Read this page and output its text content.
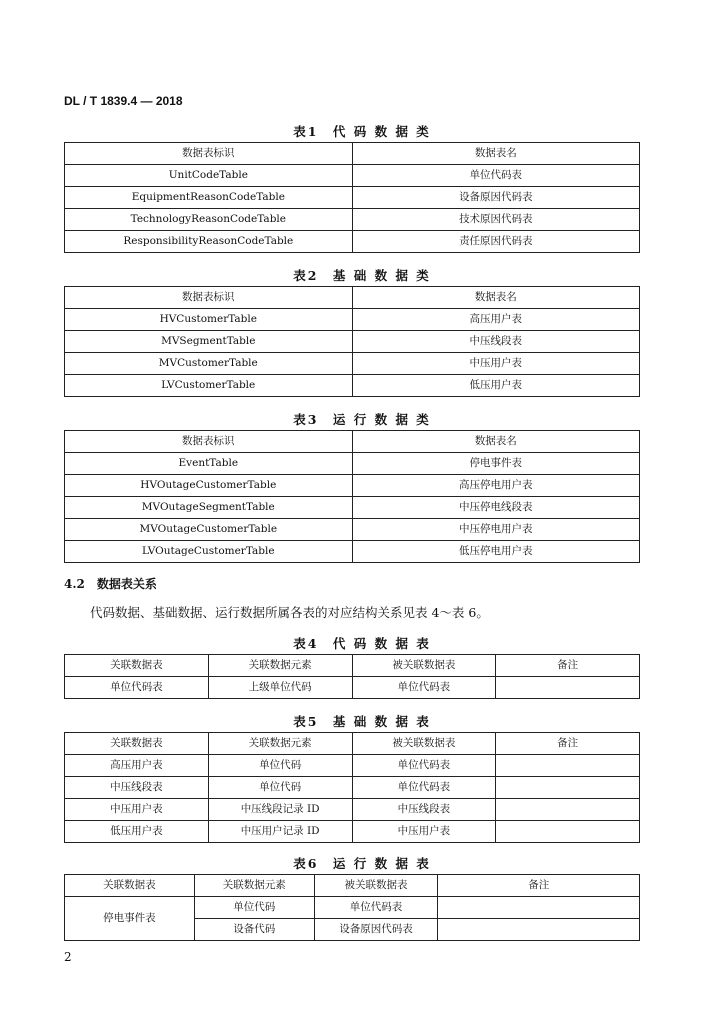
DL / T 1839.4 — 2018
表1　代 码 数 据 类
数据表标识	数据表名
UnitCodeTable	单位代码表
EquipmentReasonCodeTable	设备原因代码表
TechnologyReasonCodeTable	技术原因代码表
ResponsibilityReasonCodeTable	责任原因代码表
表2　基 础 数 据 类
数据表标识	数据表名
HVCustomerTable	高压用户表
MVSegmentTable	中压线段表
MVCustomerTable	中压用户表
LVCustomerTable	低压用户表
表3　运 行 数 据 类
数据表标识	数据表名
EventTable	停电事件表
HVOutageCustomerTable	高压停电用户表
MVOutageSegmentTable	中压停电线段表
MVOutageCustomerTable	中压停电用户表
LVOutageCustomerTable	低压停电用户表
4.2　数据表关系
代码数据、基础数据、运行数据所属各表的对应结构关系见表 4～表 6。
表4　代 码 数 据 表
关联数据表	关联数据元素	被关联数据表	备注
单位代码表	上级单位代码	单位代码表	
表5　基 础 数 据 表
关联数据表	关联数据元素	被关联数据表	备注
高压用户表	单位代码	单位代码表	
中压线段表	单位代码	单位代码表	
中压用户表	中压线段记录 ID	中压线段表	
低压用户表	中压用户记录 ID	中压用户表	
表6　运 行 数 据 表
关联数据表	关联数据元素	被关联数据表	备注
停电事件表	单位代码	单位代码表	
	设备代码	设备原因代码表	
2
